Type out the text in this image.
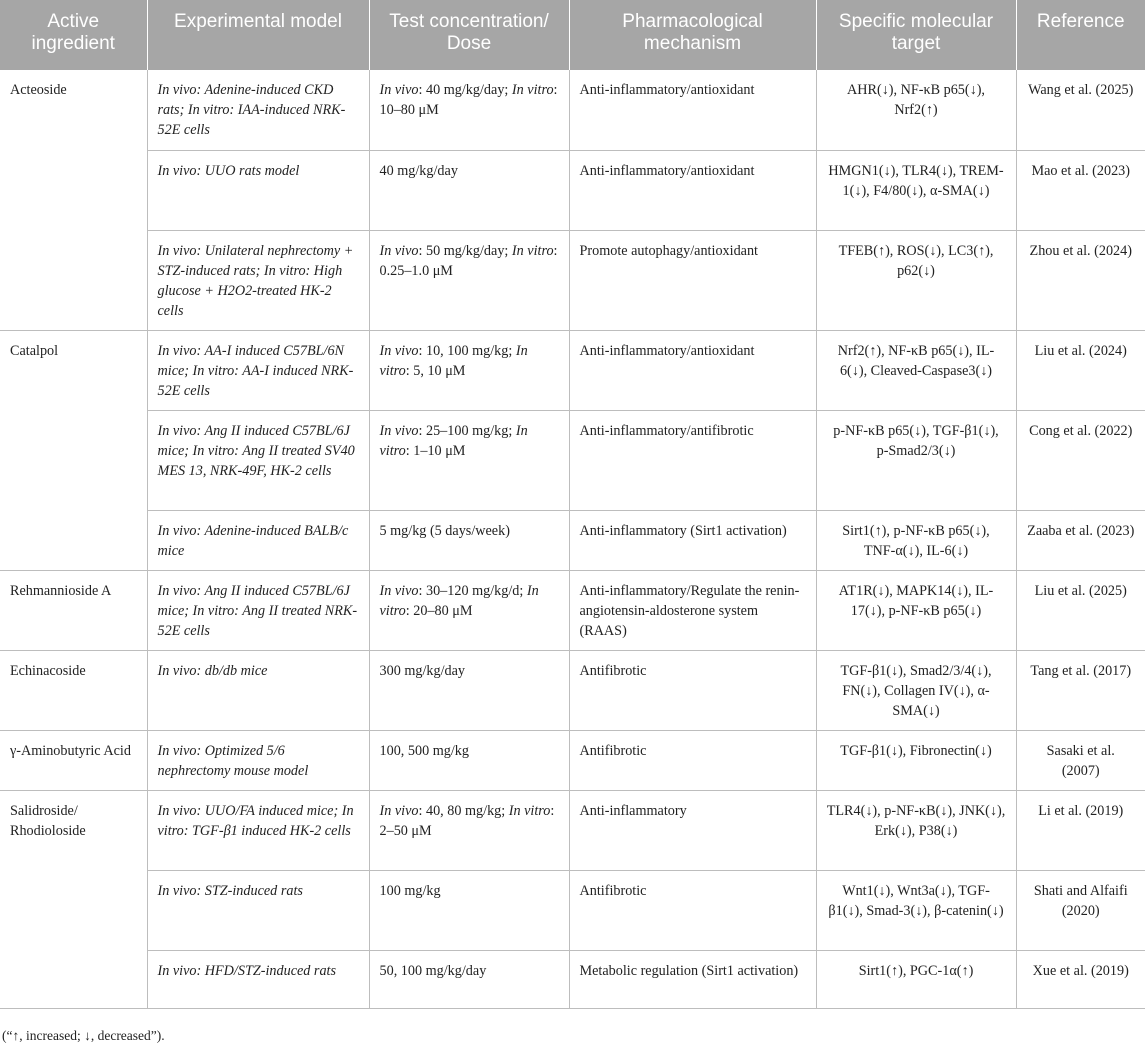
Active ingredient	Experimental model	Test concentration/ Dose	Pharmacological mechanism	Specific molecular target	Reference
Acteoside	In vivo: Adenine-induced CKD rats; In vitro: IAA-induced NRK-52E cells	In vivo: 40 mg/kg/day; In vitro: 10–80 μM	Anti-inflammatory/antioxidant	AHR(↓), NF-κB p65(↓), Nrf2(↑)	Wang et al. (2025)
	In vivo: UUO rats model	40 mg/kg/day	Anti-inflammatory/antioxidant	HMGN1(↓), TLR4(↓), TREM-1(↓), F4/80(↓), α-SMA(↓)	Mao et al. (2023)
	In vivo: Unilateral nephrectomy + STZ-induced rats; In vitro: High glucose + H2O2-treated HK-2 cells	In vivo: 50 mg/kg/day; In vitro: 0.25–1.0 μM	Promote autophagy/antioxidant	TFEB(↑), ROS(↓), LC3(↑), p62(↓)	Zhou et al. (2024)
Catalpol	In vivo: AA-I induced C57BL/6N mice; In vitro: AA-I induced NRK-52E cells	In vivo: 10, 100 mg/kg; In vitro: 5, 10 μM	Anti-inflammatory/antioxidant	Nrf2(↑), NF-κB p65(↓), IL-6(↓), Cleaved-Caspase3(↓)	Liu et al. (2024)
	In vivo: Ang II induced C57BL/6J mice; In vitro: Ang II treated SV40 MES 13, NRK-49F, HK-2 cells	In vivo: 25–100 mg/kg; In vitro: 1–10 μM	Anti-inflammatory/antifibrotic	p-NF-κB p65(↓), TGF-β1(↓), p-Smad2/3(↓)	Cong et al. (2022)
	In vivo: Adenine-induced BALB/c mice	5 mg/kg (5 days/week)	Anti-inflammatory (Sirt1 activation)	Sirt1(↑), p-NF-κB p65(↓), TNF-α(↓), IL-6(↓)	Zaaba et al. (2023)
Rehmannioside A	In vivo: Ang II induced C57BL/6J mice; In vitro: Ang II treated NRK-52E cells	In vivo: 30–120 mg/kg/d; In vitro: 20–80 μM	Anti-inflammatory/Regulate the renin-angiotensin-aldosterone system (RAAS)	AT1R(↓), MAPK14(↓), IL-17(↓), p-NF-κB p65(↓)	Liu et al. (2025)
Echinacoside	In vivo: db/db mice	300 mg/kg/day	Antifibrotic	TGF-β1(↓), Smad2/3/4(↓), FN(↓), Collagen IV(↓), α-SMA(↓)	Tang et al. (2017)
γ-Aminobutyric Acid	In vivo: Optimized 5/6 nephrectomy mouse model	100, 500 mg/kg	Antifibrotic	TGF-β1(↓), Fibronectin(↓)	Sasaki et al. (2007)
Salidroside/ Rhodioloside	In vivo: UUO/FA induced mice; In vitro: TGF-β1 induced HK-2 cells	In vivo: 40, 80 mg/kg; In vitro: 2–50 μM	Anti-inflammatory	TLR4(↓), p-NF-κB(↓), JNK(↓), Erk(↓), P38(↓)	Li et al. (2019)
	In vivo: STZ-induced rats	100 mg/kg	Antifibrotic	Wnt1(↓), Wnt3a(↓), TGF-β1(↓), Smad-3(↓), β-catenin(↓)	Shati and Alfaifi (2020)
	In vivo: HFD/STZ-induced rats	50, 100 mg/kg/day	Metabolic regulation (Sirt1 activation)	Sirt1(↑), PGC-1α(↑)	Xue et al. (2019)
(“↑, increased; ↓, decreased”).
